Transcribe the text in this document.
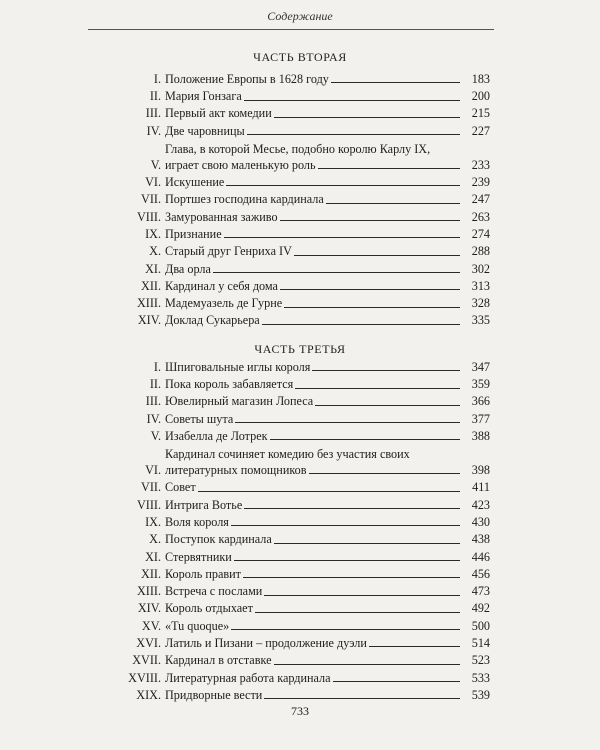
Содержание
ЧАСТЬ ВТОРАЯ
I. Положение Европы в 1628 году	183
II. Мария Гонзага	200
III. Первый акт комедии	215
IV. Две чаровницы	227
V.
Глава, в которой Месье, подобно королю Карлу IX,
играет свою маленькую роль	233
VI. Искушение	239
VII. Портшез господина кардинала	247
VIII. Замурованная заживо	263
IX. Признание	274
X. Старый друг Генриха IV	288
XI. Два орла	302
XII. Кардинал у себя дома	313
XIII. Мадемуазель де Гурне	328
XIV. Доклад Сукарьера	335
ЧАСТЬ ТРЕТЬЯ
I. Шпиговальные иглы короля	347
II. Пока король забавляется	359
III. Ювелирный магазин Лопеса	366
IV. Советы шута	377
V. Изабелла де Лотрек	388
VI.
Кардинал сочиняет комедию без участия своих
литературных помощников	398
VII. Совет	411
VIII. Интрига Вотье	423
IX. Воля короля	430
X. Поступок кардинала	438
XI. Стервятники	446
XII. Король правит	456
XIII. Встреча с послами	473
XIV. Король отдыхает	492
XV. «Tu quoque»	500
XVI. Латиль и Пизани – продолжение дуэли	514
XVII. Кардинал в отставке	523
XVIII. Литературная работа кардинала	533
XIX. Придворные вести	539
733
